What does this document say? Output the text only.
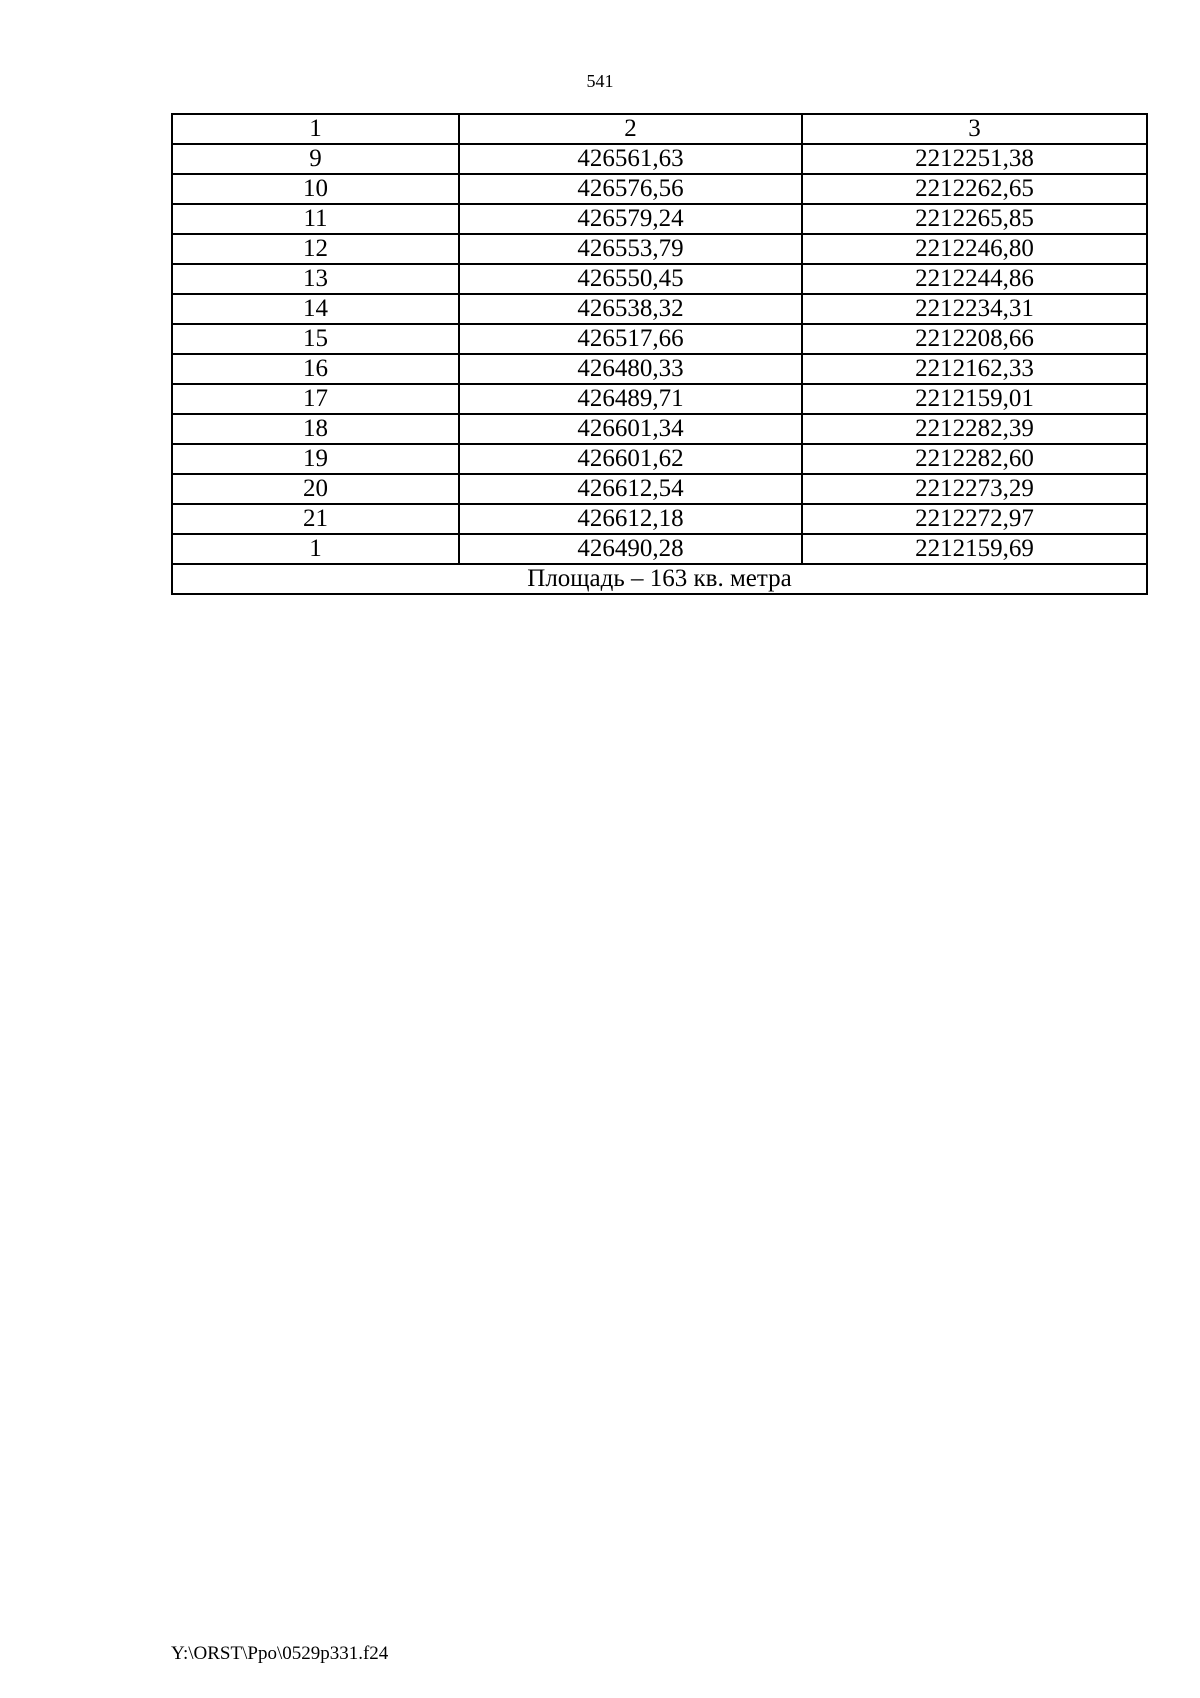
541
1	2	3
9	426561,63	2212251,38
10	426576,56	2212262,65
11	426579,24	2212265,85
12	426553,79	2212246,80
13	426550,45	2212244,86
14	426538,32	2212234,31
15	426517,66	2212208,66
16	426480,33	2212162,33
17	426489,71	2212159,01
18	426601,34	2212282,39
19	426601,62	2212282,60
20	426612,54	2212273,29
21	426612,18	2212272,97
1	426490,28	2212159,69
Площадь – 163 кв. метра		
Y:\ORST\Ppo\0529p331.f24
